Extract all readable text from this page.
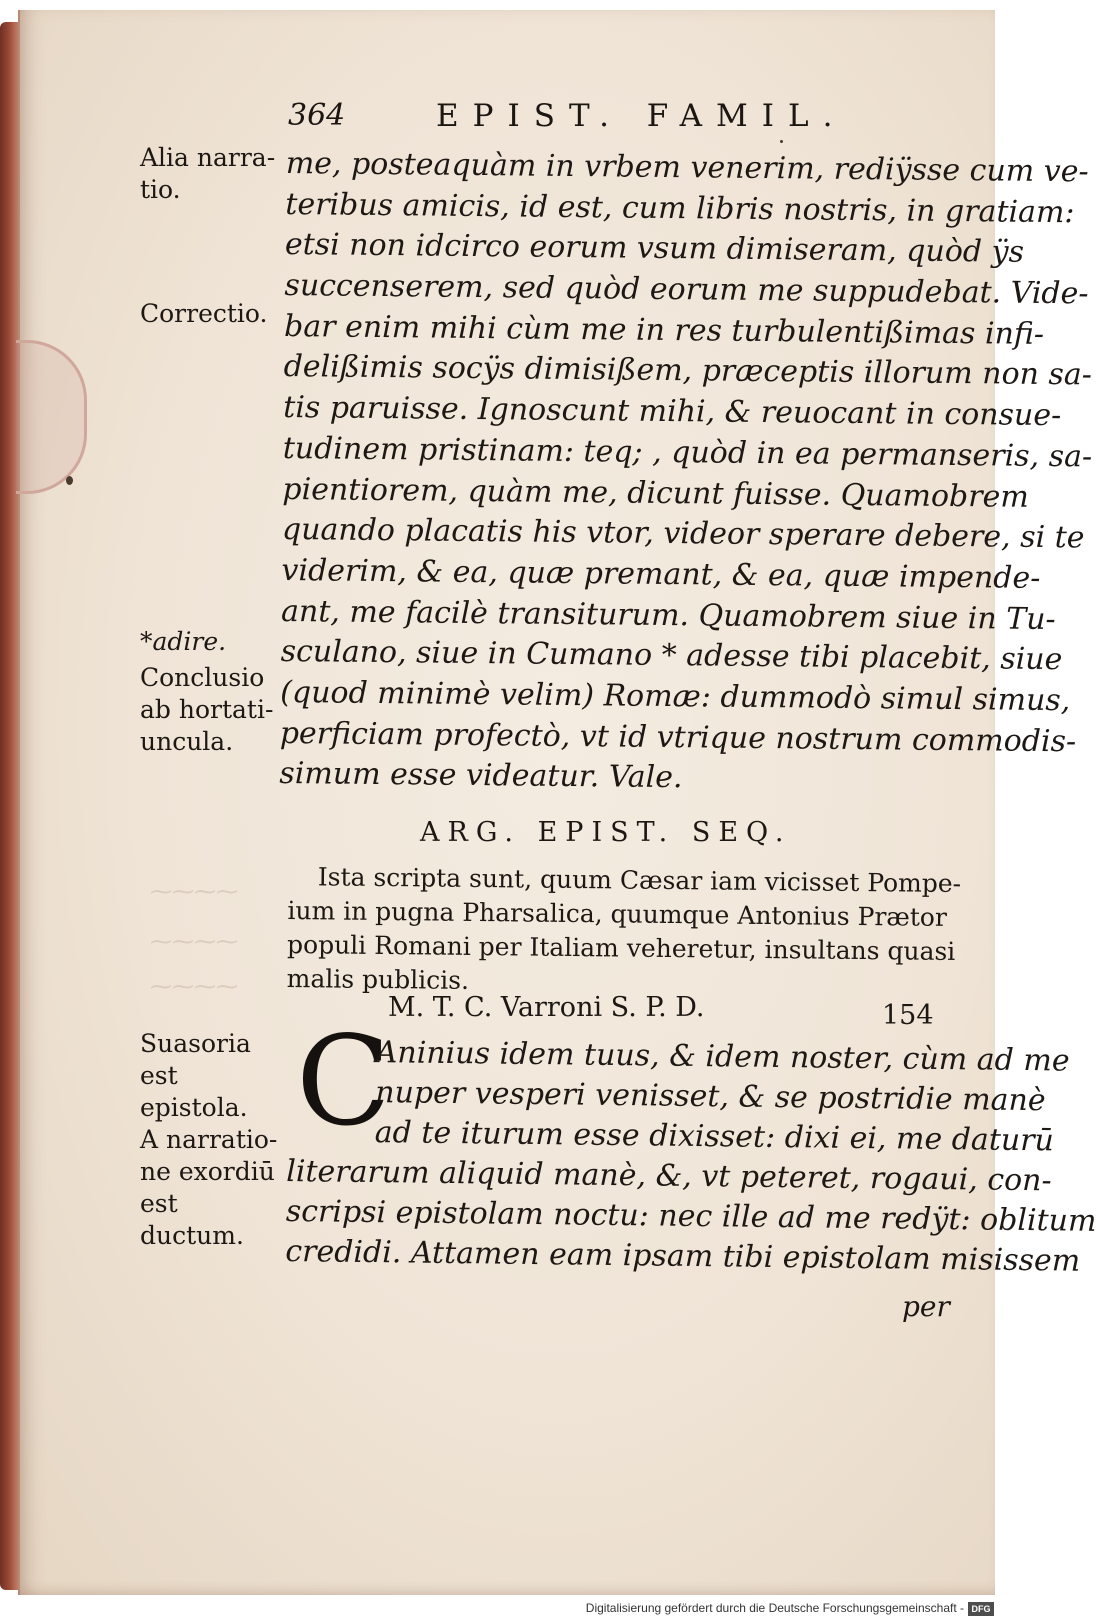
364	EPIST. FAMIL.
Alia narra-
tio.
Correctio.
*adire.
Conclusio
ab hortati-
uncula.
Suasoria est
epistola.
A narratio-
ne exordiū
est ductum.
⁓⁓⁓⁓
⁓⁓⁓⁓
⁓⁓⁓⁓
me, posteaquàm in vrbem venerim, rediÿsse cum ve-
teribus amicis, id est, cum libris nostris, in gratiam:
etsi non idcirco eorum vsum dimiseram, quòd ÿs
succenserem, sed quòd eorum me suppudebat. Vide-
bar enim mihi cùm me in res turbulentißimas infi-
delißimis socÿs dimisißem, præceptis illorum non sa-
tis paruisse. Ignoscunt mihi, & reuocant in consue-
tudinem pristinam: teq; , quòd in ea permanseris, sa-
pientiorem, quàm me, dicunt fuisse. Quamobrem
quando placatis his vtor, videor sperare debere, si te
viderim, & ea, quæ premant, & ea, quæ impende-
ant, me facilè transiturum. Quamobrem siue in Tu-
sculano, siue in Cumano * adesse tibi placebit, siue
(quod minimè velim) Romæ: dummodò simul simus,
perficiam profectò, vt id vtrique nostrum commodis-
simum esse videatur. Vale.
ARG. EPIST. SEQ.
Ista scripta sunt, quum Cæsar iam vicisset Pompe-
ium in pugna Pharsalica, quumque Antonius Prætor
populi Romani per Italiam veheretur, insultans quasi
malis publicis.
M. T. C. Varroni S. P. D.	154
C
Aninius idem tuus, & idem noster, cùm ad me
nuper vesperi venisset, & se postridie manè
ad te iturum esse dixisset: dixi ei, me daturū
literarum aliquid manè, &, vt peteret, rogaui, con-
scripsi epistolam noctu: nec ille ad me redÿt: oblitum
credidi. Attamen eam ipsam tibi epistolam misissem
per
Digitalisierung gefördert durch die Deutsche Forschungsgemeinschaft - DFG
